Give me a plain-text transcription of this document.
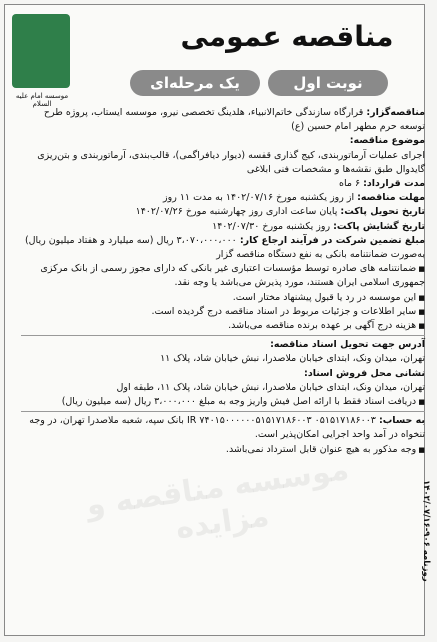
موسسه امام علیه السلام
مناقصه عمومی
نوبت اول
یک مرحله‌ای
موسسه مناقصه و مزایده

مناقصه‌گزار: قرارگاه سازندگی خاتم‌الانبیاء، هلدینگ تخصصی نیرو، موسسه ایستاب، پروژه طرح توسعه حرم مطهر امام حسین (ع)

موضوع مناقصه:

اجرای عملیات آرماتوربندی، کیج گذاری قفسه (دیوار دیافراگمی)، قالب‌بندی، آرماتوربندی و بتن‌ریزی گایدوال طبق نقشه‌ها و مشخصات فنی ابلاغی

مدت قرارداد: ۶ ماه

مهلت مناقصه: از روز یکشنبه مورخ ۱۴۰۲/۰۷/۱۶ به مدت ۱۱ روز

تاریخ تحویل پاکت: پایان ساعت اداری روز چهارشنبه مورخ ۱۴۰۲/۰۷/۲۶

تاریخ گشایش پاکت: روز یکشنبه مورخ ۱۴۰۲/۰۷/۳۰

مبلغ تضمین شرکت در فرآیند ارجاع کار: ۳،۰۷۰،۰۰۰،۰۰۰ ریال (سه میلیارد و هفتاد میلیون ریال) به‌صورت ضمانتنامه بانکی به نفع دستگاه مناقصه گزار

■ ضمانتنامه های صادره توسط مؤسسات اعتباری غیر بانکی که دارای مجوز رسمی از بانک مرکزی جمهوری اسلامی ایران هستند، مورد پذیرش می‌باشد یا وجه نقد.

■ این موسسه در رد یا قبول پیشنهاد مختار است.

■ سایر اطلاعات و جزئیات مربوط در اسناد مناقصه درج گردیده است.

■ هزینه درج آگهی بر عهده برنده مناقصه می‌باشد.

آدرس جهت تحویل اسناد مناقصه:

تهران، میدان ونک، ابتدای خیابان ملاصدرا، نبش خیابان شاد، پلاک ۱۱

نشانی محل فروش اسناد:

تهران، میدان ونک، ابتدای خیابان ملاصدرا، نبش خیابان شاد، پلاک ۱۱، طبقه اول

■ دریافت اسناد فقط با ارائه اصل فیش واریز وجه به مبلغ ۳،۰۰۰،۰۰۰ ریال (سه میلیون ریال)

به حساب: ۰۵۱۵۱۷۱۸۶۰۰۳ IR ۷۴۰۱۵۰۰۰۰۰۰۵۱۵۱۷۱۸۶۰۰۳ بانک سپه، شعبه ملاصدرا تهران، در وجه تنخواه در آمد واحد اجرایی امکان‌پذیر است.

■ وجه مذکور به هیچ عنوان قابل استرداد نمی‌باشد.

روزنامه ۹۰۶-۱۴۰۲/۰۷/۱۶
